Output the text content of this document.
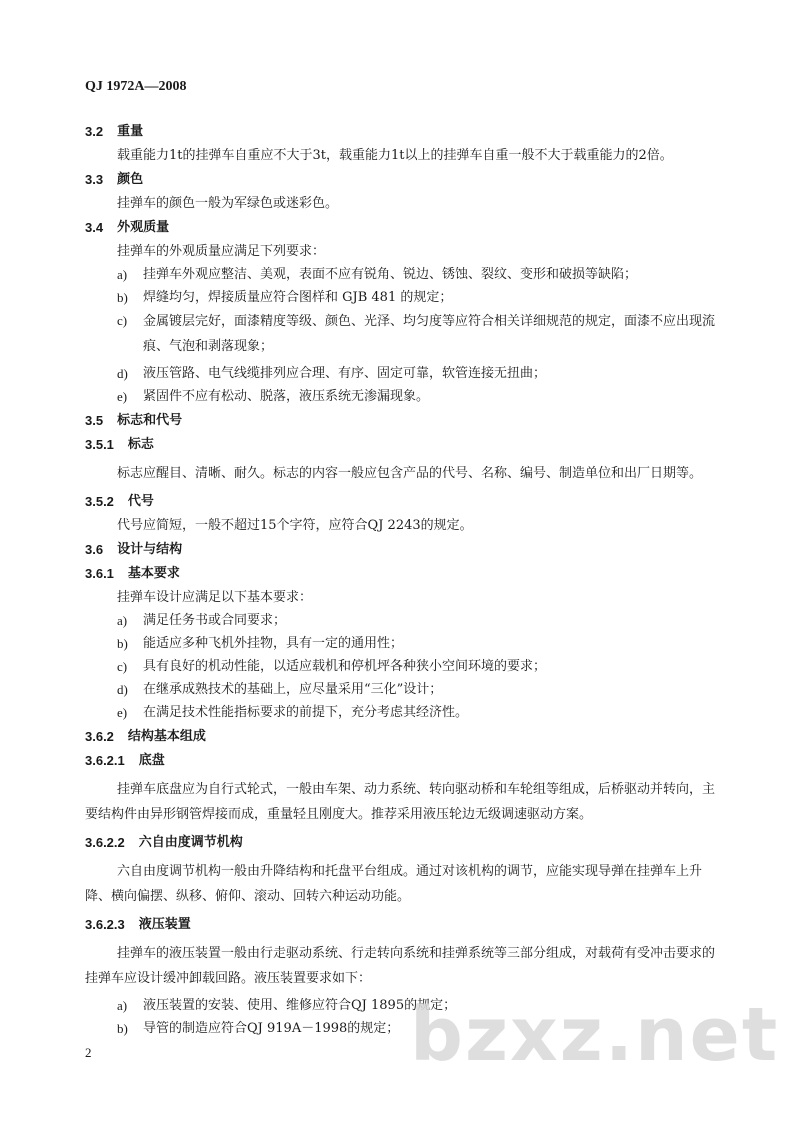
QJ 1972A—2008
3.2 重量
载重能力1t的挂弹车自重应不大于3t，载重能力1t以上的挂弹车自重一般不大于载重能力的2倍。
3.3 颜色
挂弹车的颜色一般为军绿色或迷彩色。
3.4 外观质量
挂弹车的外观质量应满足下列要求：
a)	挂弹车外观应整洁、美观，表面不应有锐角、锐边、锈蚀、裂纹、变形和破损等缺陷；
b)	焊缝均匀，焊接质量应符合图样和 GJB 481 的规定；
c)	金属镀层完好，面漆精度等级、颜色、光泽、均匀度等应符合相关详细规范的规定，面漆不应出现流痕、气泡和剥落现象；
d)	液压管路、电气线缆排列应合理、有序、固定可靠，软管连接无扭曲；
e)	紧固件不应有松动、脱落，液压系统无渗漏现象。
3.5 标志和代号
3.5.1 标志
标志应醒目、清晰、耐久。标志的内容一般应包含产品的代号、名称、编号、制造单位和出厂日期等。
3.5.2 代号
代号应简短，一般不超过15个字符，应符合QJ 2243的规定。
3.6 设计与结构
3.6.1 基本要求
挂弹车设计应满足以下基本要求：
a)	满足任务书或合同要求；
b)	能适应多种飞机外挂物，具有一定的通用性；
c)	具有良好的机动性能，以适应载机和停机坪各种狭小空间环境的要求；
d)	在继承成熟技术的基础上，应尽量采用“三化”设计；
e)	在满足技术性能指标要求的前提下，充分考虑其经济性。
3.6.2 结构基本组成
3.6.2.1 底盘
挂弹车底盘应为自行式轮式，一般由车架、动力系统、转向驱动桥和车轮组等组成，后桥驱动并转向，主要结构件由异形钢管焊接而成，重量轻且刚度大。推荐采用液压轮边无级调速驱动方案。
3.6.2.2 六自由度调节机构
六自由度调节机构一般由升降结构和托盘平台组成。通过对该机构的调节，应能实现导弹在挂弹车上升降、横向偏摆、纵移、俯仰、滚动、回转六种运动功能。
3.6.2.3 液压装置
挂弹车的液压装置一般由行走驱动系统、行走转向系统和挂弹系统等三部分组成，对载荷有受冲击要求的挂弹车应设计缓冲卸载回路。液压装置要求如下：
a)	液压装置的安装、使用、维修应符合QJ 1895的规定；
b)	导管的制造应符合QJ 919A－1998的规定； bzxz.net
2
